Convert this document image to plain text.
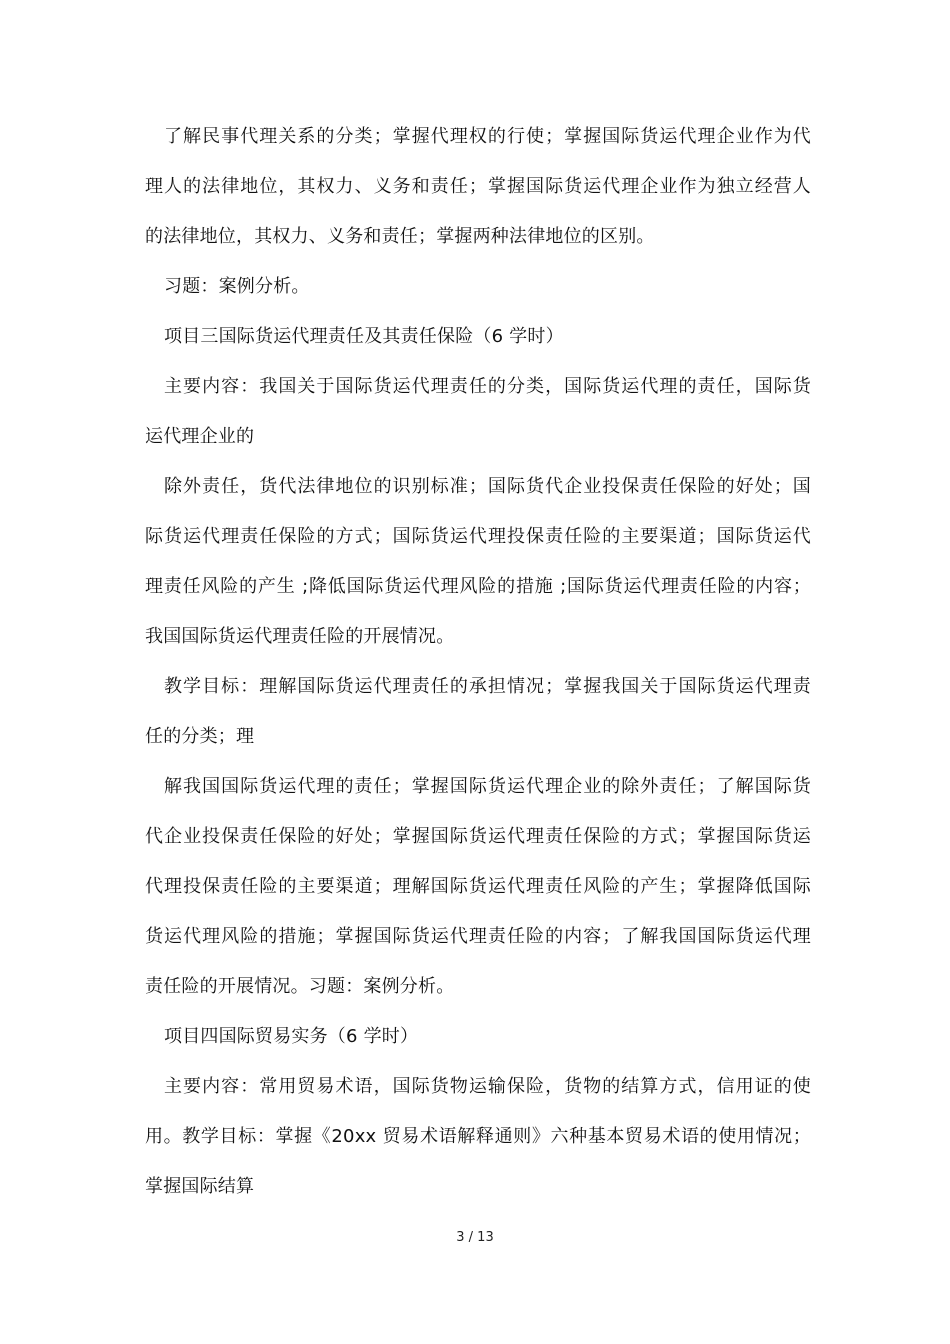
了解民事代理关系的分类；掌握代理权的行使；掌握国际货运代理企业作为代
理人的法律地位，其权力、义务和责任；掌握国际货运代理企业作为独立经营人
的法律地位，其权力、义务和责任；掌握两种法律地位的区别。
习题：案例分析。
项目三国际货运代理责任及其责任保险（6 学时）
主要内容：我国关于国际货运代理责任的分类，国际货运代理的责任，国际货
运代理企业的
除外责任，货代法律地位的识别标准；国际货代企业投保责任保险的好处；国
际货运代理责任保险的方式；国际货运代理投保责任险的主要渠道；国际货运代
理责任风险的产生 ;降低国际货运代理风险的措施 ;国际货运代理责任险的内容；
我国国际货运代理责任险的开展情况。
教学目标：理解国际货运代理责任的承担情况；掌握我国关于国际货运代理责
任的分类；理
解我国国际货运代理的责任；掌握国际货运代理企业的除外责任；了解国际货
代企业投保责任保险的好处；掌握国际货运代理责任保险的方式；掌握国际货运
代理投保责任险的主要渠道；理解国际货运代理责任风险的产生；掌握降低国际
货运代理风险的措施；掌握国际货运代理责任险的内容；了解我国国际货运代理
责任险的开展情况。习题：案例分析。
项目四国际贸易实务（6 学时）
主要内容：常用贸易术语，国际货物运输保险，货物的结算方式，信用证的使
用。教学目标：掌握《20xx 贸易术语解释通则》六种基本贸易术语的使用情况；
掌握国际结算
3 / 13
